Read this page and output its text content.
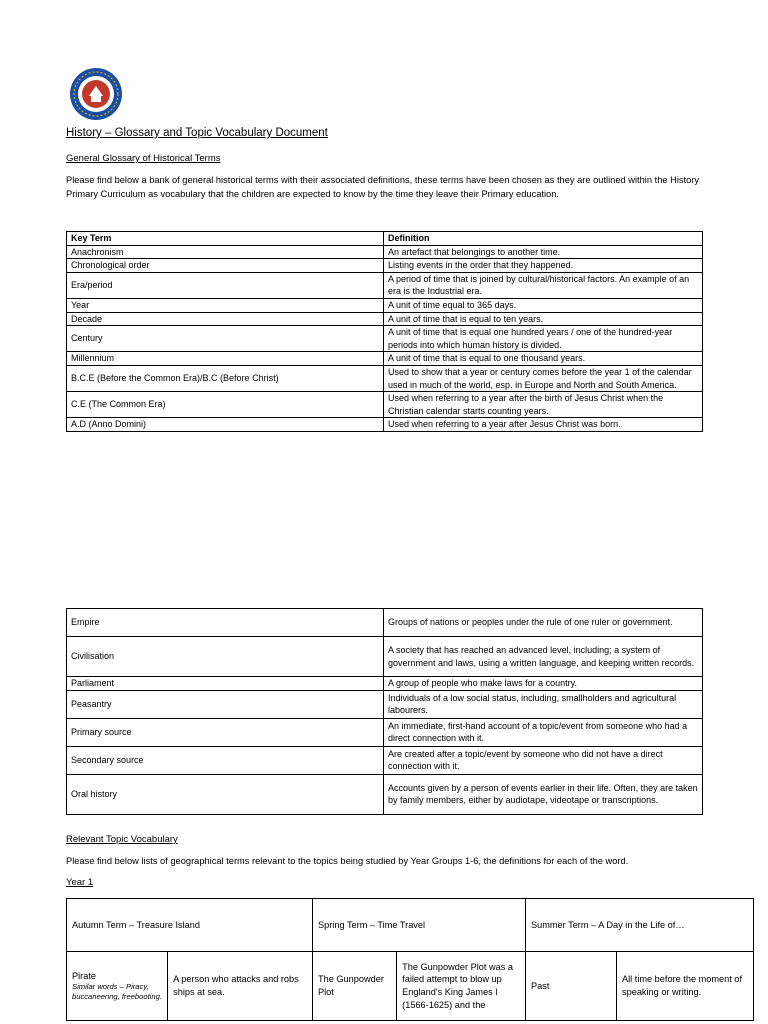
History – Glossary and Topic Vocabulary Document
General Glossary of Historical Terms
Please find below a bank of general historical terms with their associated definitions, these terms have been chosen as they are outlined within the History Primary Curriculum as vocabulary that the children are expected to know by the time they leave their Primary education.
Key Term	Definition
Anachronism	An artefact that belongings to another time.
Chronological order	Listing events in the order that they happened.
Era/period	A period of time that is joined by cultural/historical factors. An example of an era is the Industrial era.
Year	A unit of time equal to 365 days.
Decade	A unit of time that is equal to ten years.
Century	A unit of time that is equal one hundred years / one of the hundred-year periods into which human history is divided.
Millennium	A unit of time that is equal to one thousand years.
B.C.E (Before the Common Era)/B.C (Before Christ)	Used to show that a year or century comes before the year 1 of the calendar used in much of the world, esp. in Europe and North and South America.
C.E (The Common Era)	Used when referring to a year after the birth of Jesus Christ when the Christian calendar starts counting years.
A.D (Anno Domini)	Used when referring to a year after Jesus Christ was born.
Empire	Groups of nations or peoples under the rule of one ruler or government.
Civilisation	A society that has reached an advanced level, including; a system of government and laws, using a written language, and keeping written records.
Parliament	A group of people who make laws for a country.
Peasantry	Individuals of a low social status, including, smallholders and agricultural labourers.
Primary source	An immediate, first-hand account of a topic/event from someone who had a direct connection with it.
Secondary source	Are created after a topic/event by someone who did not have a direct connection with it.
Oral history	Accounts given by a person of events earlier in their life. Often, they are taken by family members, either by audiotape, videotape or transcriptions.
Relevant Topic Vocabulary
Please find below lists of geographical terms relevant to the topics being studied by Year Groups 1-6, the definitions for each of the word.
Year 1
Autumn Term – Treasure Island		Spring Term – Time Travel		Summer Term – A Day in the Life of…	
Pirate
Similar words – Piracy, buccaneering, freebooting.	A person who attacks and robs ships at sea.	The Gunpowder Plot	The Gunpowder Plot was a failed attempt to blow up England's King James I (1566-1625) and the	Past	All time before the moment of speaking or writing.
